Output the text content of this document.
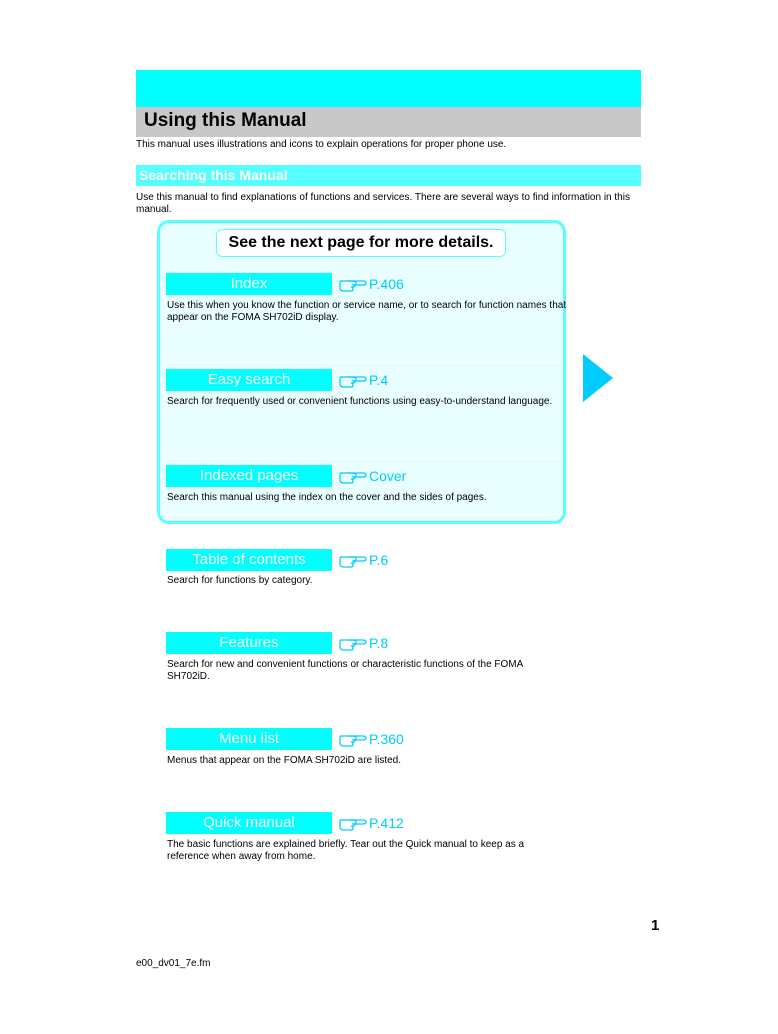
Using this Manual
This manual uses illustrations and icons to explain operations for proper phone use.
Searching this Manual
Use this manual to find explanations of functions and services. There are several ways to find information in this manual.
See the next page for more details.
Index	P.406
Use this when you know the function or service name, or to search for function names that appear on the FOMA SH702iD display.
Easy search	P.4
Search for frequently used or convenient functions using easy-to-understand language.
Indexed pages	Cover
Search this manual using the index on the cover and the sides of pages.
Table of contents	P.6
Search for functions by category.
Features	P.8
Search for new and convenient functions or characteristic functions of the FOMA SH702iD.
Menu list	P.360
Menus that appear on the FOMA SH702iD are listed.
Quick manual	P.412
The basic functions are explained briefly. Tear out the Quick manual to keep as a reference when away from home.
1
e00_dv01_7e.fm
